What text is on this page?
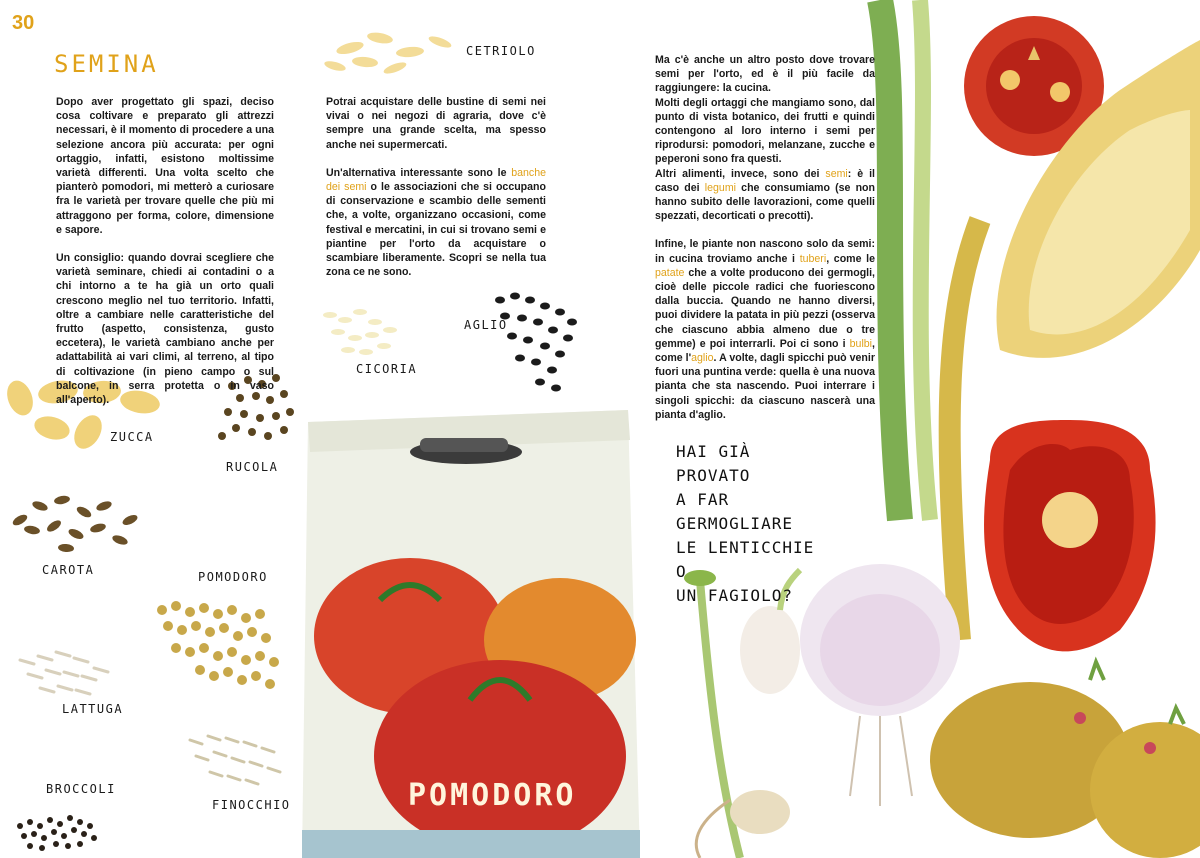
30
SEMINA

Dopo aver progettato gli spazi, deciso cosa coltivare e preparato gli attrezzi necessari, è il momento di procedere a una selezione ancora più accurata: per ogni ortaggio, infatti, esistono moltissime varietà differenti. Una volta scelto che pianterò pomodori, mi metterò a curiosare fra le varietà per trovare quelle che più mi attraggono per forma, colore, dimensione e sapore.

Un consiglio: quando dovrai scegliere che varietà seminare, chiedi ai contadini o a chi intorno a te ha già un orto quali crescono meglio nel tuo territorio. Infatti, oltre a cambiare nelle caratteristiche del frutto (aspetto, consistenza, gusto eccetera), le varietà cambiano anche per adattabilità ai vari climi, al terreno, al tipo di coltivazione (in pieno campo o sul balcone, in serra protetta o in vaso all'aperto).

Potrai acquistare delle bustine di semi nei vivai o nei negozi di agraria, dove c'è sempre una grande scelta, ma spesso anche nei supermercati.

Un'alternativa interessante sono le banche dei semi o le associazioni che si occupano di conservazione e scambio delle sementi che, a volte, organizzano occasioni, come festival e mercatini, in cui si trovano semi e piantine per l'orto da acquistare o scambiare liberamente. Scopri se nella tua zona ce ne sono.

Ma c'è anche un altro posto dove trovare semi per l'orto, ed è il più facile da raggiungere: la cucina.

Molti degli ortaggi che mangiamo sono, dal punto di vista botanico, dei frutti e quindi contengono al loro interno i semi per riprodursi: pomodori, melanzane, zucche e peperoni sono fra questi.

Altri alimenti, invece, sono dei semi: è il caso dei legumi che consumiamo (se non hanno subito delle lavorazioni, come quelli spezzati, decorticati o precotti).

Infine, le piante non nascono solo da semi: in cucina troviamo anche i tuberi, come le patate che a volte producono dei germogli, cioè delle piccole radici che fuoriescono dalla buccia. Quando ne hanno diversi, puoi dividere la patata in più pezzi (osserva che ciascuno abbia almeno due o tre gemme) e poi interrarli. Poi ci sono i bulbi, come l'aglio. A volte, dagli spicchi può venir fuori una puntina verde: quella è una nuova pianta che sta nascendo. Puoi interrare i singoli spicchi: da ciascuno nascerà una pianta d'aglio.

CETRIOLO
AGLIO
CICORIA
ZUCCA
RUCOLA
CAROTA	POMODORO
LATTUGA
BROCCOLI
FINOCCHIO	POMODORO
HAI GIÀ PROVATO
A FAR GERMOGLIARE
LE LENTICCHIE O
UN FAGIOLO?
